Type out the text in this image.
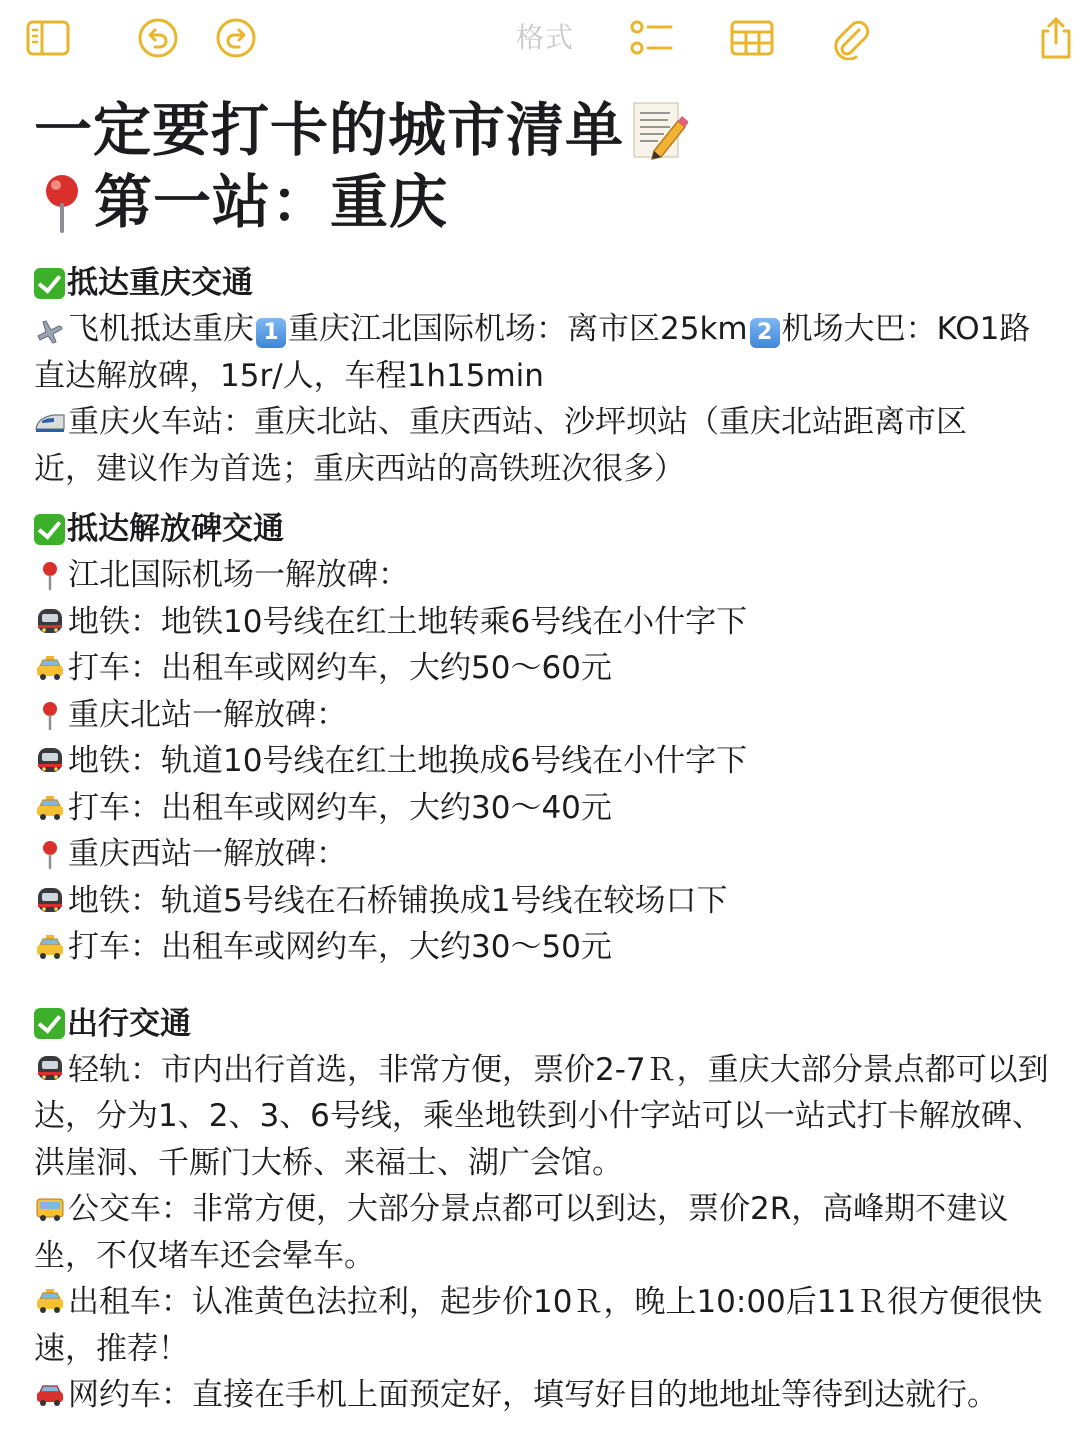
格式
一定要打卡的城市清单
第一站：重庆
抵达重庆交通
飞机抵达重庆 1 重庆江北国际机场：离市区25km 2 机场大巴：KO1路
直达解放碑，15r/人，车程1h15min
重庆火车站：重庆北站、重庆西站、沙坪坝站（重庆北站距离市区
近，建议作为首选；重庆西站的高铁班次很多）
抵达解放碑交通
江北国际机场一解放碑：
地铁：地铁10号线在红土地转乘6号线在小什字下
打车：出租车或网约车，大约50～60元
重庆北站一解放碑：
地铁：轨道10号线在红土地换成6号线在小什字下
打车：出租车或网约车，大约30～40元
重庆西站一解放碑：
地铁：轨道5号线在石桥铺换成1号线在较场口下
打车：出租车或网约车，大约30～50元
出行交通
轻轨：市内出行首选，非常方便，票价2-7Ｒ，重庆大部分景点都可以到达，分为1、2、3、6号线，乘坐地铁到小什字站可以一站式打卡解放碑、洪崖洞、千厮门大桥、来福士、湖广会馆。
公交车：非常方便，大部分景点都可以到达，票价2R，高峰期不建议坐，不仅堵车还会晕车。
出租车：认准黄色法拉利，起步价10Ｒ，晚上10:00后11Ｒ很方便很快速，推荐！
网约车：直接在手机上面预定好，填写好目的地地址等待到达就行。
